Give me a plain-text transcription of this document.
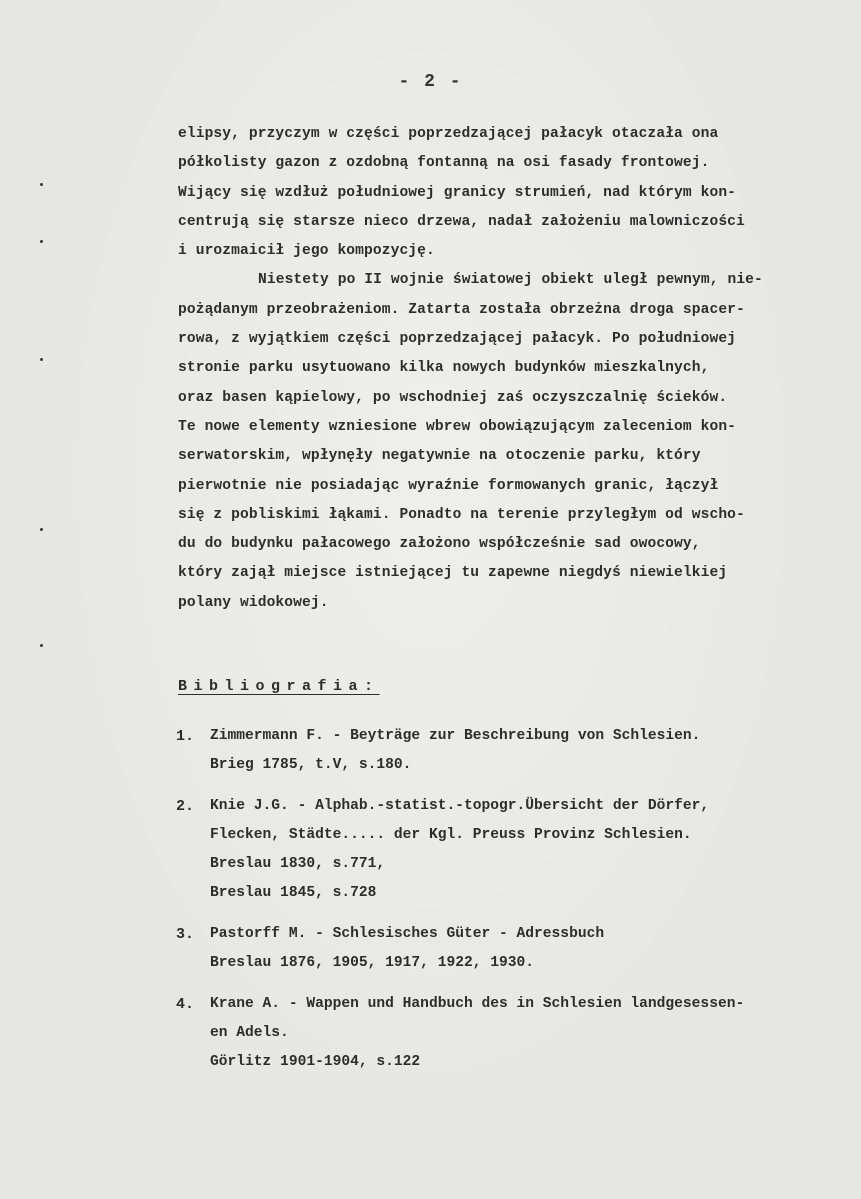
- 2 -
elipsy, przyczym w części poprzedzającej pałacyk otaczała ona
półkolisty gazon z ozdobną fontanną na osi fasady frontowej.
Wijący się wzdłuż południowej granicy strumień, nad którym kon-
centrują się starsze nieco drzewa, nadał założeniu malowniczości
i urozmaicił jego kompozycję.
Niestety po II wojnie światowej obiekt uległ pewnym, nie-
pożądanym przeobrażeniom. Zatarta została obrzeżna droga spacer-
rowa, z wyjątkiem części poprzedzającej pałacyk. Po południowej
stronie parku usytuowano kilka nowych budynków mieszkalnych,
oraz basen kąpielowy, po wschodniej zaś oczyszczalnię ścieków.
Te nowe elementy wzniesione wbrew obowiązującym zaleceniom kon-
serwatorskim, wpłynęły negatywnie na otoczenie parku, który
pierwotnie nie posiadając wyraźnie formowanych granic, łączył
się z pobliskimi łąkami. Ponadto na terenie przyległym od wscho-
du do budynku pałacowego założono współcześnie sad owocowy,
który zajął miejsce istniejącej tu zapewne niegdyś niewielkiej
polany widokowej.
Bibliografia:
1. Zimmermann F. - Beyträge zur Beschreibung von Schlesien.
Brieg 1785, t.V, s.180.
2. Knie J.G. - Alphab.-statist.-topogr.Übersicht der Dörfer,
Flecken, Städte..... der Kgl. Preuss Provinz Schlesien.
Breslau 1830, s.771,
Breslau 1845, s.728
3. Pastorff M. - Schlesisches Güter - Adressbuch
Breslau 1876, 1905, 1917, 1922, 1930.
4. Krane A. - Wappen und Handbuch des in Schlesien landgesessen-
en Adels.
Görlitz 1901-1904, s.122
